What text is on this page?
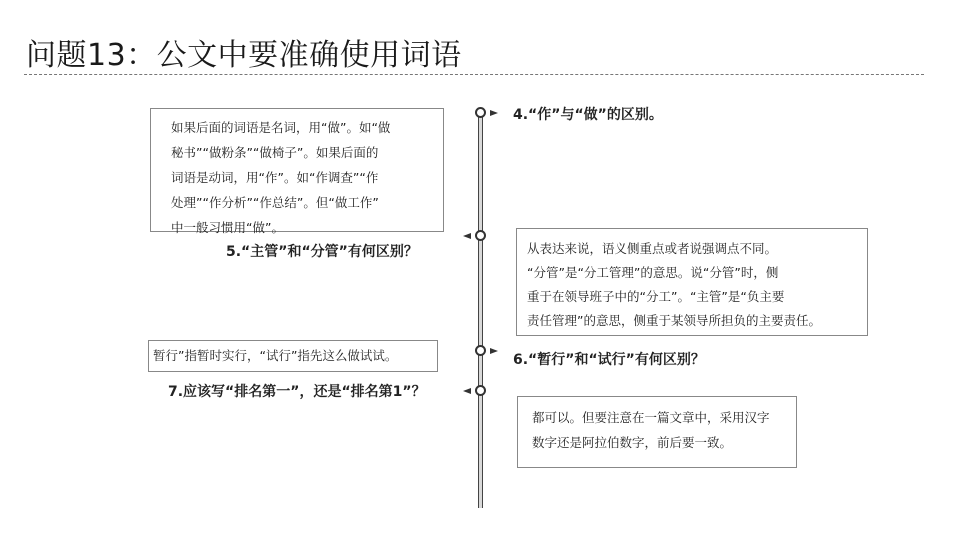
问题13：公文中要准确使用词语
4.“作”与“做”的区别。

如果后面的词语是名词，用“做”。如“做

秘书”“做粉条”“做椅子”。如果后面的

词语是动词，用“作”。如“作调查”“作

处理”“作分析”“作总结”。但“做工作”

中一般习惯用“做”。

5.“主管”和“分管”有何区别？	从表达来说，语义侧重点或者说强调点不同。

“分管”是“分工管理”的意思。说“分管”时，侧

重于在领导班子中的“分工”。“主管”是“负主要

责任管理”的意思，侧重于某领导所担负的主要责任。

6.“暂行”和“试行”有何区别？

暂行”指暂时实行，“试行”指先这么做试试。

7.应该写“排名第一”，还是“排名第1”？

都可以。但要注意在一篇文章中，采用汉字

数字还是阿拉伯数字，前后要一致。
